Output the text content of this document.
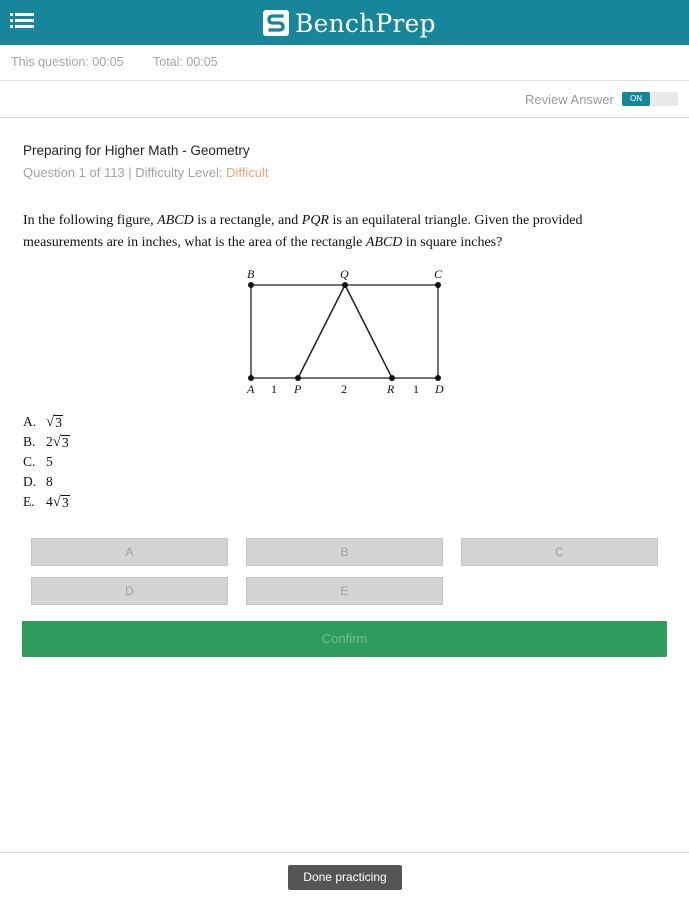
BenchPrep
This question: 00:05 Total: 00:05
Review Answer	ON
Preparing for Higher Math - Geometry
Question 1 of 113 | Difficulty Level: Difficult
In the following figure, ABCD is a rectangle, and PQR is an equilateral triangle. Given the provided measurements are in inches, what is the area of the rectangle ABCD in square inches?
B	Q	C
A 1 P	2	R 1 D
A. √ 3
B. 2 √ 3
C. 5
D. 8
E. 4 √ 3
A	B	C
D	E
Confirm
Done practicing
